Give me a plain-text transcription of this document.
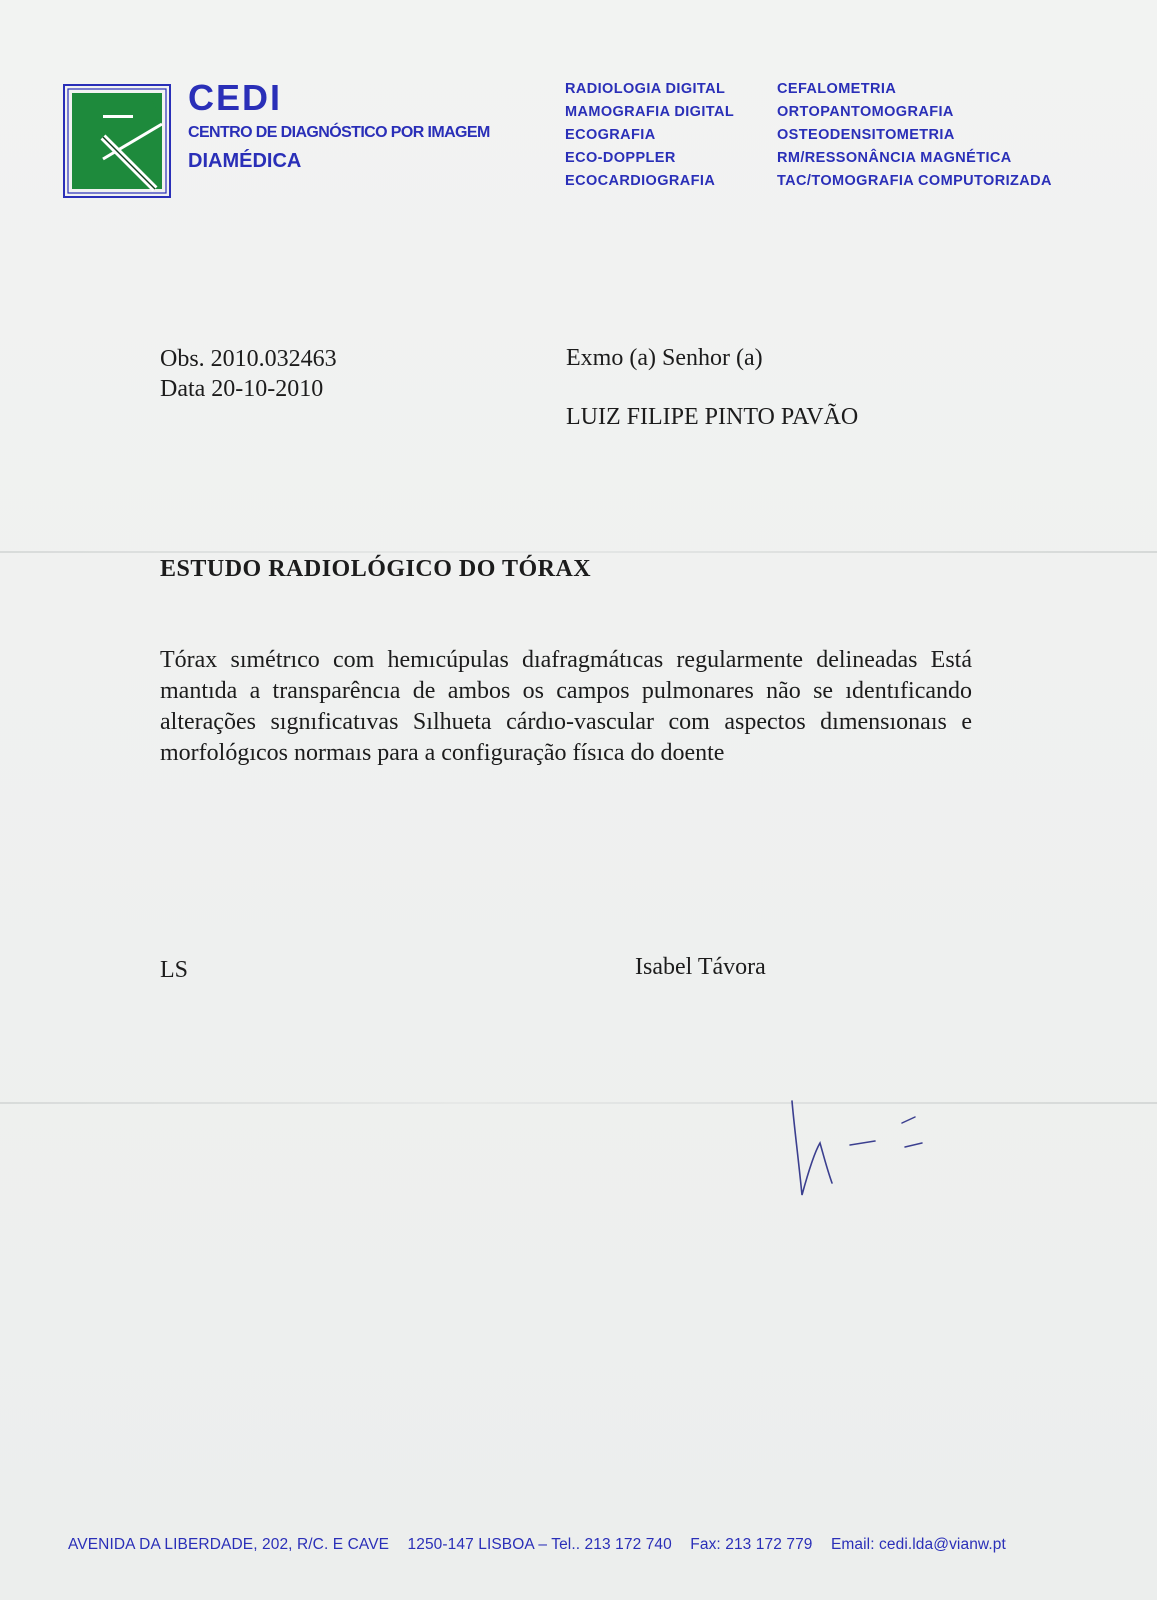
CEDI
CENTRO DE DIAGNÓSTICO POR IMAGEM
DIAMÉDICA
RADIOLOGIA DIGITAL
MAMOGRAFIA DIGITAL
ECOGRAFIA
ECO-DOPPLER
ECOCARDIOGRAFIA
CEFALOMETRIA
ORTOPANTOMOGRAFIA
OSTEODENSITOMETRIA
RM/RESSONÂNCIA MAGNÉTICA
TAC/TOMOGRAFIA COMPUTORIZADA
Obs. 2010.032463
Data 20-10-2010
Exmo (a) Senhor (a)
LUIZ FILIPE PINTO PAVÃO
ESTUDO RADIOLÓGICO DO TÓRAX
Tórax sımétrıco com hemıcúpulas dıafragmátıcas regularmente delineadas Está mantıda a transparêncıa de ambos os campos pulmonares não se ıdentıficando alterações sıgnıficatıvas Sılhueta cárdıo-vascular com aspectos dımensıonaıs e morfológıcos normaıs para a configuração físıca do doente
LS	Isabel Távora
AVENIDA DA LIBERDADE, 202, R/C. E CAVE 1250-147 LISBOA – Tel.. 213 172 740 Fax: 213 172 779 Email: cedi.lda@vianw.pt
